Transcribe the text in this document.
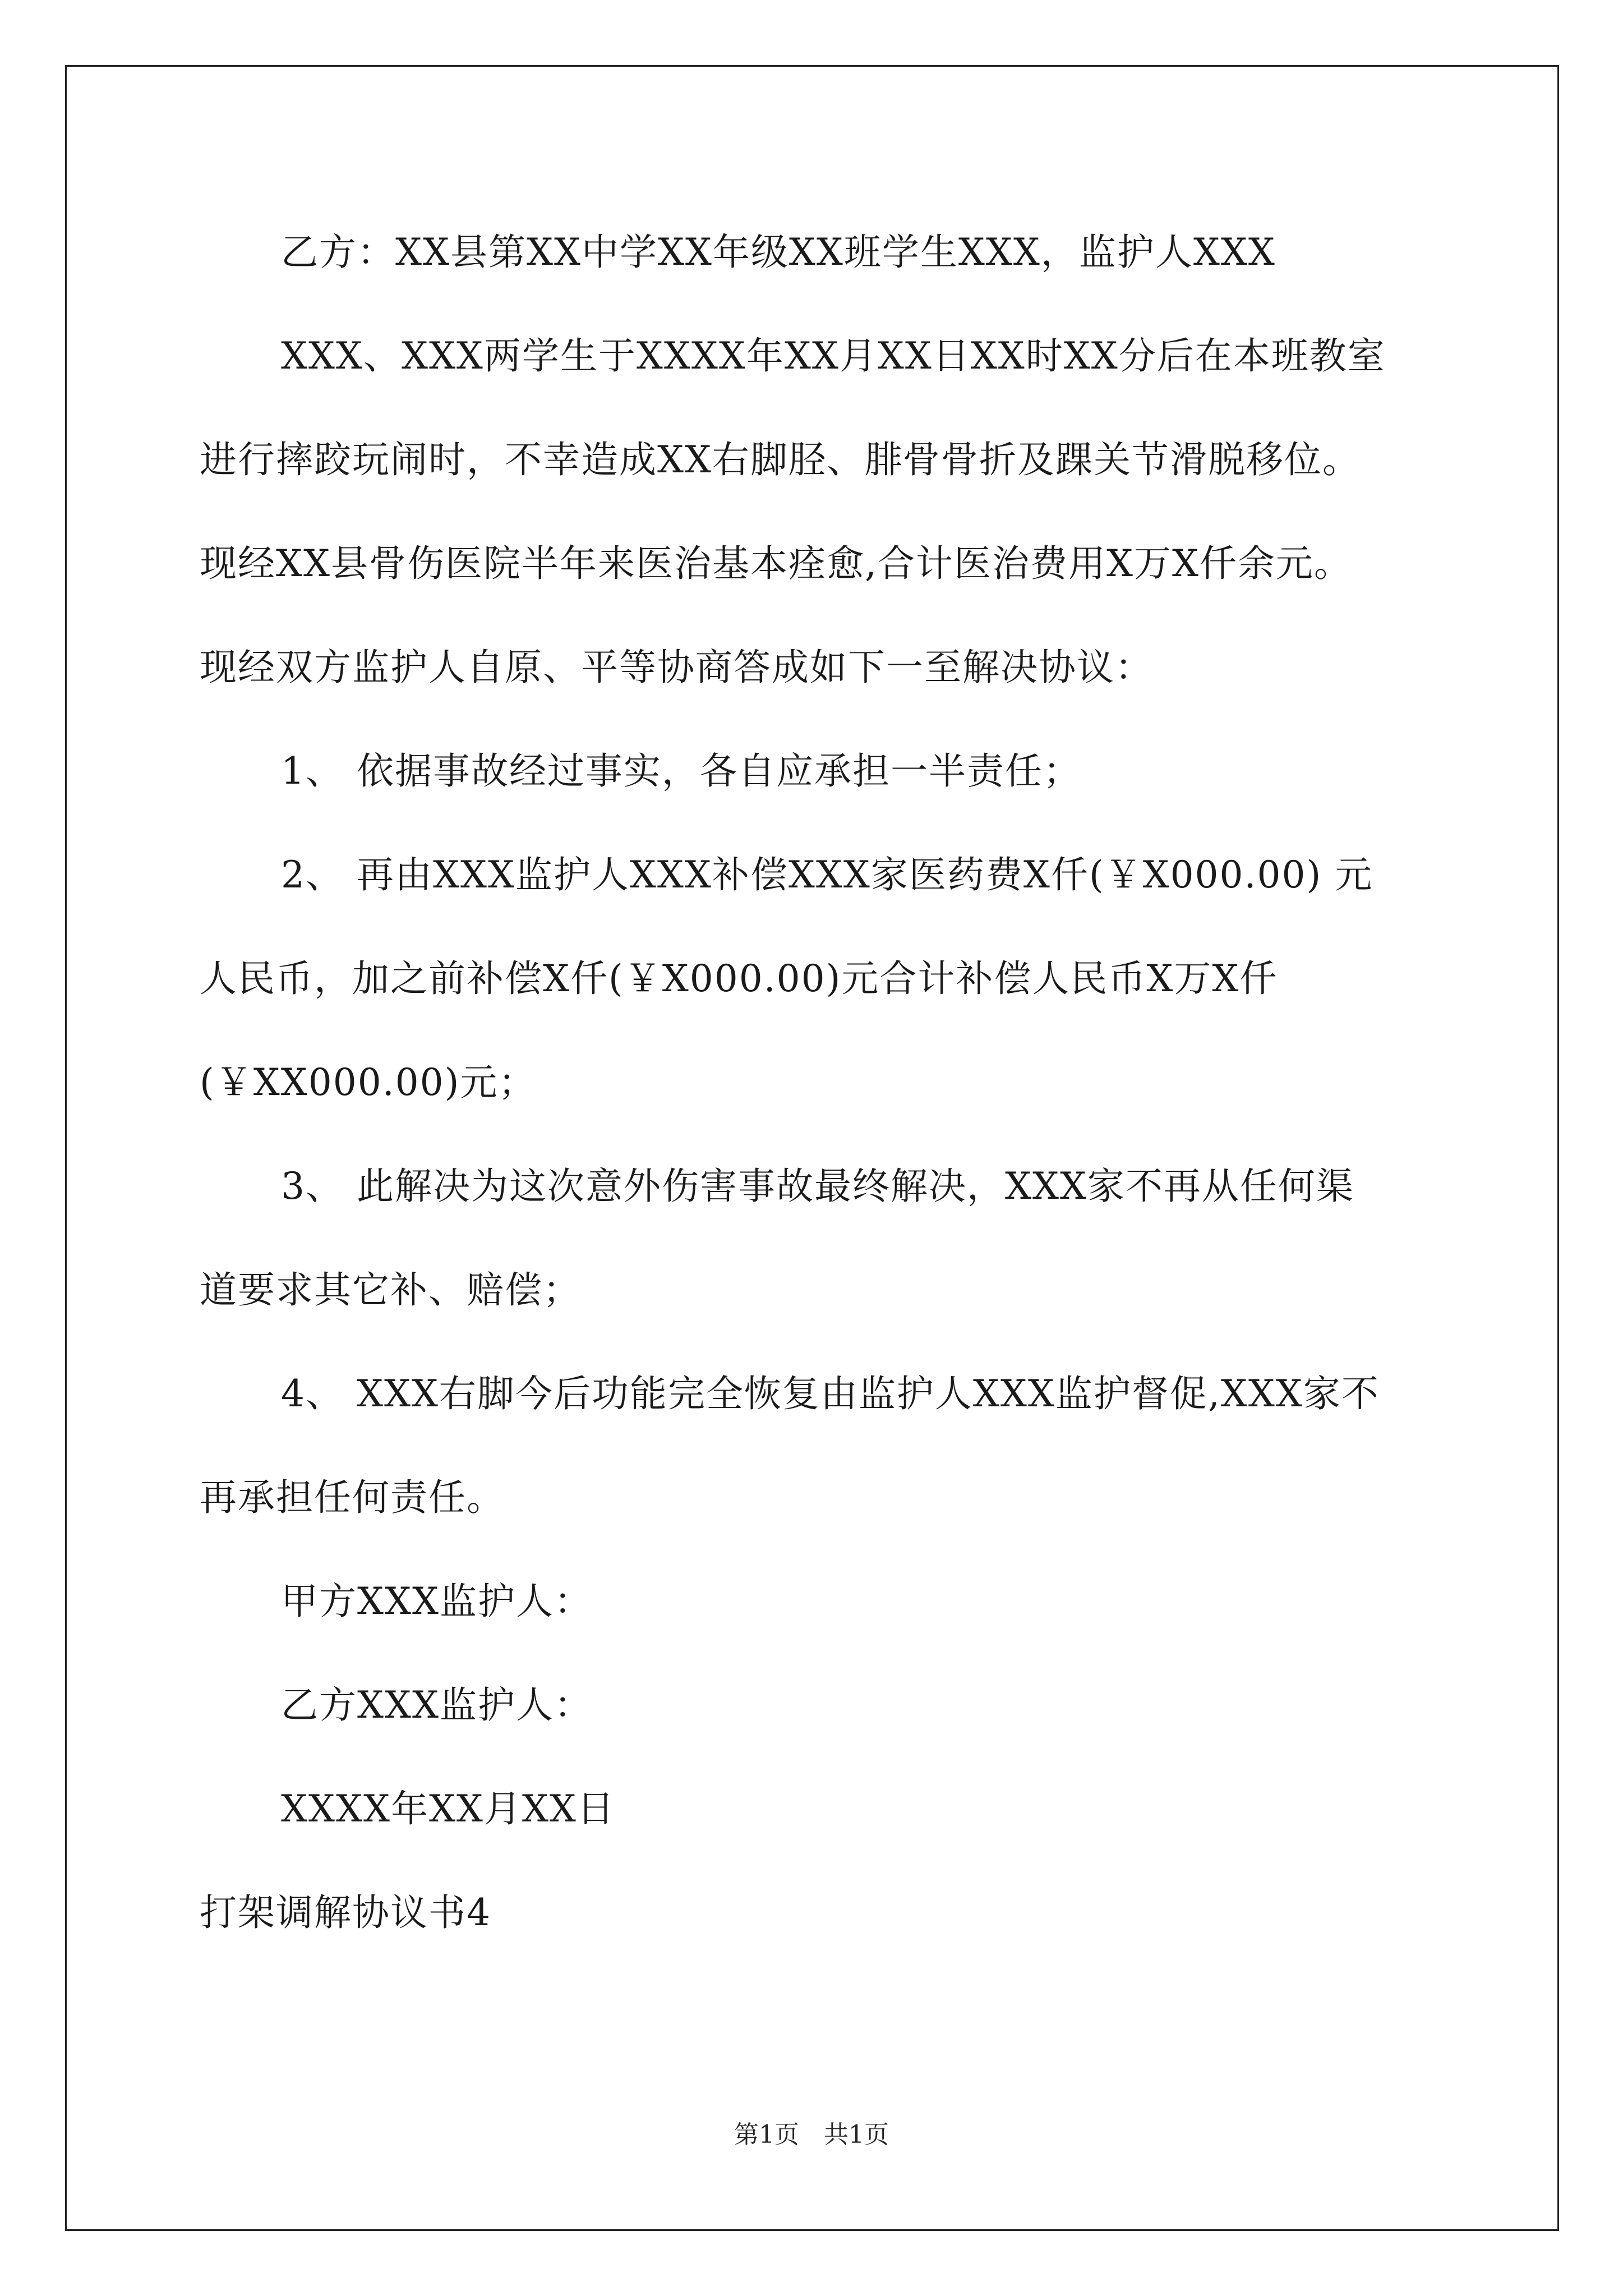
乙方：XX县第XX中学XX年级XX班学生XXX，监护人XXX
XXX、XXX两学生于XXXX年XX月XX日XX时XX分后在本班教室
进行摔跤玩闹时，不幸造成XX右脚胫、腓骨骨折及踝关节滑脱移位。
现经XX县骨伤医院半年来医治基本痊愈,合计医治费用X万X仟余元。
现经双方监护人自原、平等协商答成如下一至解决协议：
1、 依据事故经过事实，各自应承担一半责任；
2、 再由XXX监护人XXX补偿XXX家医药费X仟(￥X000.00) 元
人民币，加之前补偿X仟(￥X000.00)元合计补偿人民币X万X仟
(￥XX000.00)元；
3、 此解决为这次意外伤害事故最终解决，XXX家不再从任何渠
道要求其它补、赔偿；
4、 XXX右脚今后功能完全恢复由监护人XXX监护督促,XXX家不
再承担任何责任。
甲方XXX监护人：
乙方XXX监护人：
XXXX年XX月XX日
打架调解协议书4
第1页　共1页
